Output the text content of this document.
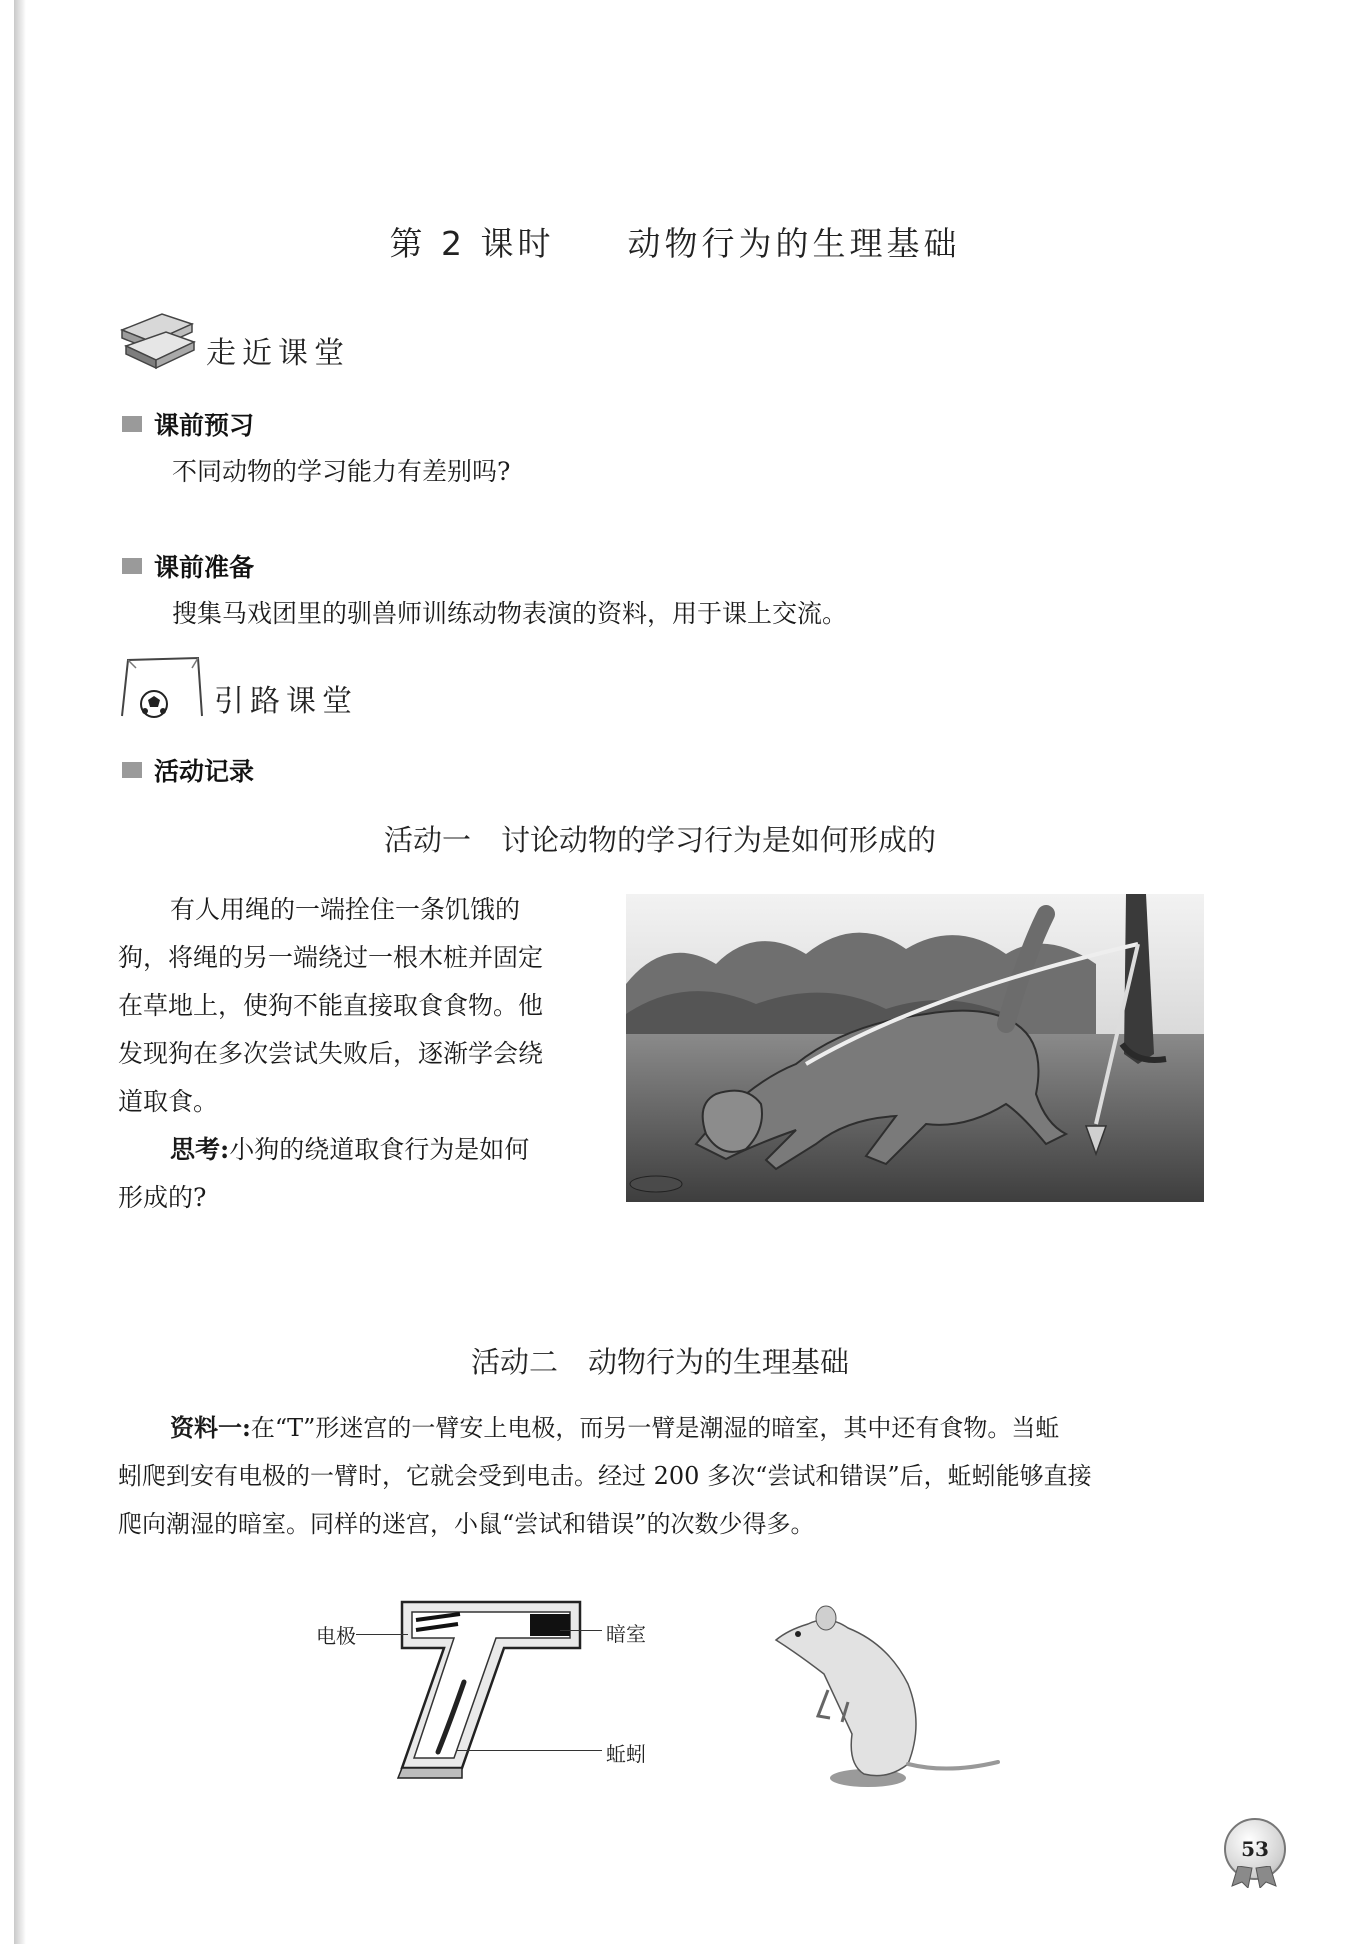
第 2 课时 动物行为的生理基础
走近课堂
课前预习
不同动物的学习能力有差别吗?
课前准备
搜集马戏团里的驯兽师训练动物表演的资料，用于课上交流。
引路课堂
活动记录
活动一 讨论动物的学习行为是如何形成的
有人用绳的一端拴住一条饥饿的
狗，将绳的另一端绕过一根木桩并固定
在草地上，使狗不能直接取食食物。他
发现狗在多次尝试失败后，逐渐学会绕
道取食。
思考:小狗的绕道取食行为是如何
形成的?
活动二 动物行为的生理基础
资料一:在“T”形迷宫的一臂安上电极，而另一臂是潮湿的暗室，其中还有食物。当蚯
蚓爬到安有电极的一臂时，它就会受到电击。经过 200 多次“尝试和错误”后，蚯蚓能够直接
爬向潮湿的暗室。同样的迷宫，小鼠“尝试和错误”的次数少得多。
电极	暗室
蚯蚓
53
